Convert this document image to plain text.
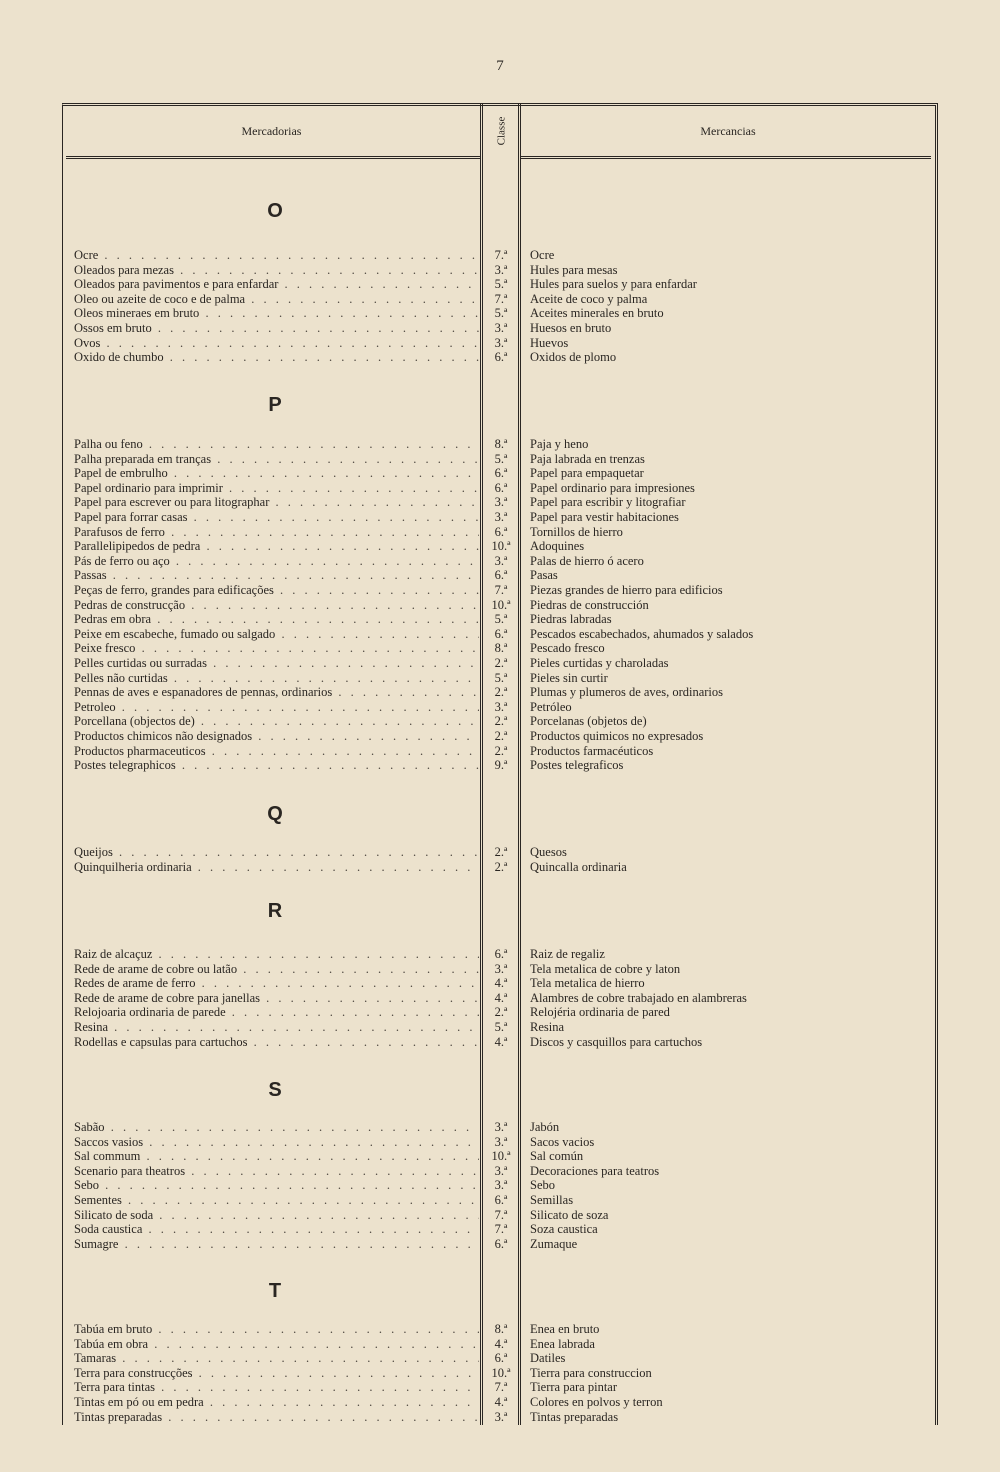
7
Mercadorias	Classe	Mercancias
O
Ocre . . .	7.ª	Ocre
Oleados para mezas . . .	3.ª	Hules para mesas
Oleados para pavimentos e para enfardar . . .	5.ª	Hules para suelos y para enfardar
Oleo ou azeite de coco e de palma . . .	7.ª	Aceite de coco y palma
Oleos mineraes em bruto . . .	5.ª	Aceites minerales en bruto
Ossos em bruto . . .	3.ª	Huesos en bruto
Ovos . . .	3.ª	Huevos
Oxido de chumbo . . .	6.ª	Oxidos de plomo
P
Palha ou feno . . .	8.ª	Paja y heno
Palha preparada em tranças . . .	5.ª	Paja labrada en trenzas
Papel de embrulho . . .	6.ª	Papel para empaquetar
Papel ordinario para imprimir . . .	6.ª	Papel ordinario para impresiones
Papel para escrever ou para litographar . . .	3.ª	Papel para escribir y litografiar
Papel para forrar casas . . .	3.ª	Papel para vestir habitaciones
Parafusos de ferro . . .	6.ª	Tornillos de hierro
Parallelipipedos de pedra . . .	10.ª	Adoquines
Pás de ferro ou aço . . .	3.ª	Palas de hierro ó acero
Passas . . .	6.ª	Pasas
Peças de ferro, grandes para edificações . . .	7.ª	Piezas grandes de hierro para edificios
Pedras de construcção . . .	10.ª	Piedras de construcción
Pedras em obra . . .	5.ª	Piedras labradas
Peixe em escabeche, fumado ou salgado . . .	6.ª	Pescados escabechados, ahumados y salados
Peixe fresco . . .	8.ª	Pescado fresco
Pelles curtidas ou surradas . . .	2.ª	Pieles curtidas y charoladas
Pelles não curtidas . . .	5.ª	Pieles sin curtir
Pennas de aves e espanadores de pennas, ordinarios . . .	2.ª	Plumas y plumeros de aves, ordinarios
Petroleo . . .	3.ª	Petróleo
Porcellana (objectos de) . . .	2.ª	Porcelanas (objetos de)
Productos chimicos não designados . . .	2.ª	Productos quimicos no expresados
Productos pharmaceuticos . . .	2.ª	Productos farmacéuticos
Postes telegraphicos . . .	9.ª	Postes telegraficos
Q
Queijos . . .	2.ª	Quesos
Quinquilheria ordinaria . . .	2.ª	Quincalla ordinaria
R
Raiz de alcaçuz . . .	6.ª	Raiz de regaliz
Rede de arame de cobre ou latão . . .	3.ª	Tela metalica de cobre y laton
Redes de arame de ferro . . .	4.ª	Tela metalica de hierro
Rede de arame de cobre para janellas . . .	4.ª	Alambres de cobre trabajado en alambreras
Relojoaria ordinaria de parede . . .	2.ª	Relojéria ordinaria de pared
Resina . . .	5.ª	Resina
Rodellas e capsulas para cartuchos . . .	4.ª	Discos y casquillos para cartuchos
S
Sabão . . .	3.ª	Jabón
Saccos vasios . . .	3.ª	Sacos vacios
Sal commum . . .	10.ª	Sal común
Scenario para theatros . . .	3.ª	Decoraciones para teatros
Sebo . . .	3.ª	Sebo
Sementes . . .	6.ª	Semillas
Silicato de soda . . .	7.ª	Silicato de soza
Soda caustica . . .	7.ª	Soza caustica
Sumagre . . .	6.ª	Zumaque
T
Tabúa em bruto . . .	8.ª	Enea en bruto
Tabúa em obra . . .	4.ª	Enea labrada
Tamaras . . .	6.ª	Datiles
Terra para construcções . . .	10.ª	Tierra para construccion
Terra para tintas . . .	7.ª	Tierra para pintar
Tintas em pó ou em pedra . . .	4.ª	Colores en polvos y terron
Tintas preparadas . . .	3.ª	Tintas preparadas
